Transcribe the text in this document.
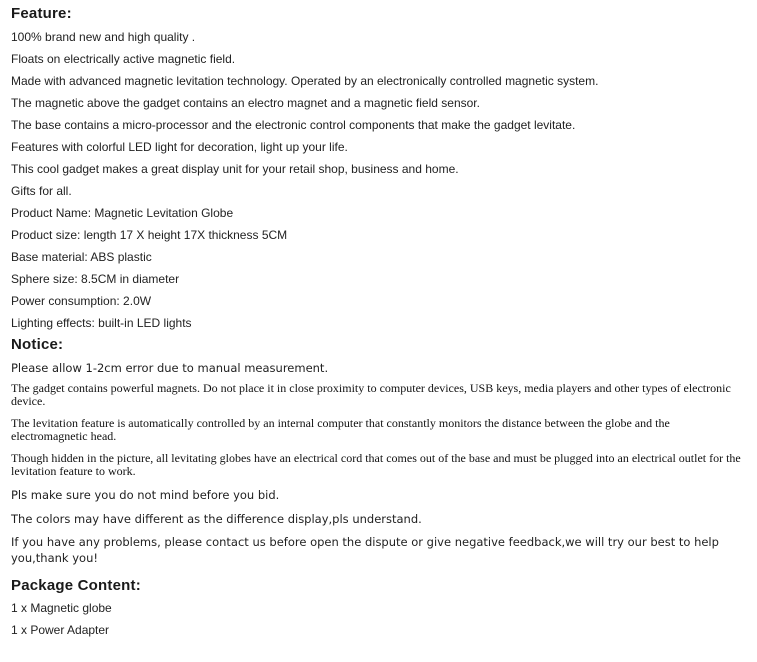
Feature:
100% brand new and high quality .
Floats on electrically active magnetic field.
Made with advanced magnetic levitation technology. Operated by an electronically controlled magnetic system.
The magnetic above the gadget contains an electro magnet and a magnetic field sensor.
The base contains a micro-processor and the electronic control components that make the gadget levitate.
Features with colorful LED light for decoration, light up your life.
This cool gadget makes a great display unit for your retail shop, business and home.
Gifts for all.
Product Name: Magnetic Levitation Globe
Product size: length 17 X height 17X thickness 5CM
Base material: ABS plastic
Sphere size: 8.5CM in diameter
Power consumption: 2.0W
Lighting effects: built-in LED lights
Notice:

Please allow 1-2cm error due to manual measurement.

The gadget contains powerful magnets. Do not place it in close proximity to computer devices, USB keys, media players and other types of electronic device.

The levitation feature is automatically controlled by an internal computer that constantly monitors the distance between the globe and the electromagnetic head.

Though hidden in the picture, all levitating globes have an electrical cord that comes out of the base and must be plugged into an electrical outlet for the levitation feature to work.

Pls make sure you do not mind before you bid.

The colors may have different as the difference display,pls understand.

If you have any problems, please contact us before open the dispute or give negative feedback,we will try our best to help you,thank you!

Package Content:
1 x Magnetic globe
1 x Power Adapter
